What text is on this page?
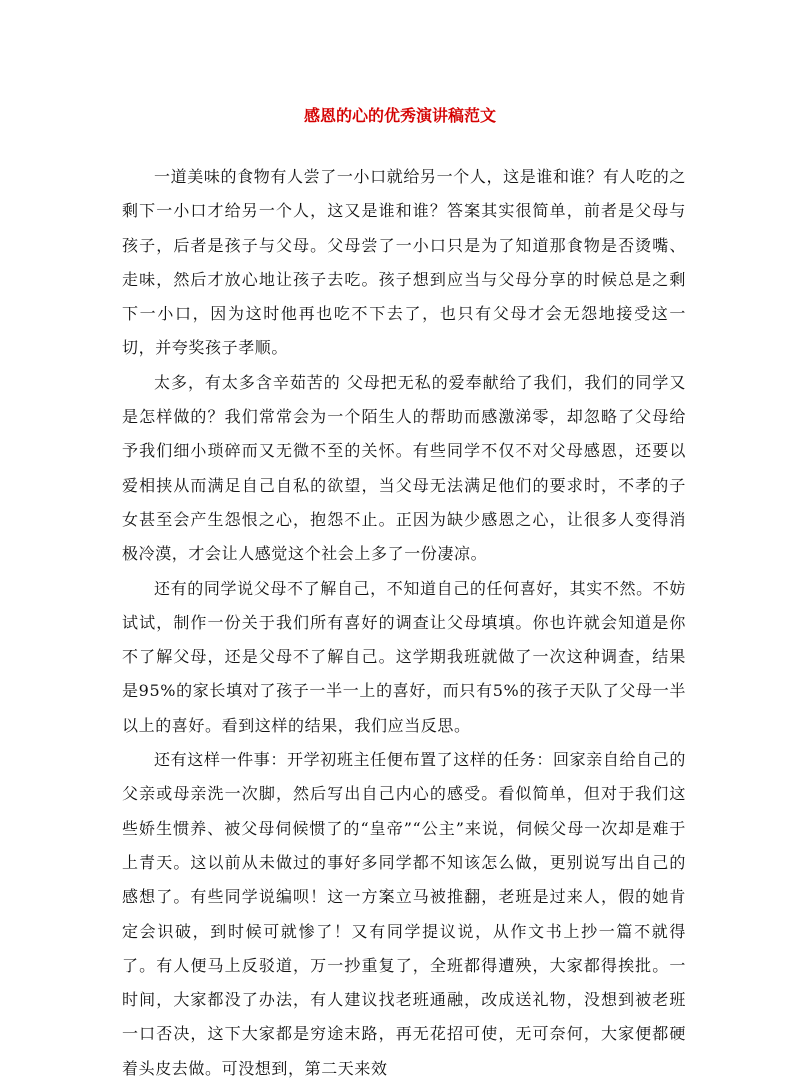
感恩的心的优秀演讲稿范文

一道美味的食物有人尝了一小口就给另一个人，这是谁和谁？有人吃的之剩下一小口才给另一个人，这又是谁和谁？答案其实很简单，前者是父母与孩子，后者是孩子与父母。父母尝了一小口只是为了知道那食物是否烫嘴、走味，然后才放心地让孩子去吃。孩子想到应当与父母分享的时候总是之剩下一小口，因为这时他再也吃不下去了，也只有父母才会无怨地接受这一切，并夸奖孩子孝顺。

太多，有太多含辛茹苦的 父母把无私的爱奉献给了我们，我们的同学又是怎样做的？我们常常会为一个陌生人的帮助而感激涕零，却忽略了父母给予我们细小琐碎而又无微不至的关怀。有些同学不仅不对父母感恩，还要以爱相挟从而满足自己自私的欲望，当父母无法满足他们的要求时，不孝的子女甚至会产生怨恨之心，抱怨不止。正因为缺少感恩之心，让很多人变得消极冷漠，才会让人感觉这个社会上多了一份凄凉。

还有的同学说父母不了解自己，不知道自己的任何喜好，其实不然。不妨试试，制作一份关于我们所有喜好的调查让父母填填。你也许就会知道是你不了解父母，还是父母不了解自己。这学期我班就做了一次这种调查，结果是95%的家长填对了孩子一半一上的喜好，而只有5%的孩子天队了父母一半以上的喜好。看到这样的结果，我们应当反思。

还有这样一件事：开学初班主任便布置了这样的任务：回家亲自给自己的父亲或母亲洗一次脚，然后写出自己内心的感受。看似简单，但对于我们这些娇生惯养、被父母伺候惯了的“皇帝”“公主”来说，伺候父母一次却是难于上青天。这以前从未做过的事好多同学都不知该怎么做，更别说写出自己的感想了。有些同学说编呗！这一方案立马被推翻，老班是过来人，假的她肯定会识破，到时候可就惨了！又有同学提议说，从作文书上抄一篇不就得了。有人便马上反驳道，万一抄重复了，全班都得遭殃，大家都得挨批。一时间，大家都没了办法，有人建议找老班通融，改成送礼物，没想到被老班一口否决，这下大家都是穷途末路，再无花招可使，无可奈何，大家便都硬着头皮去做。可没想到，第二天来效
